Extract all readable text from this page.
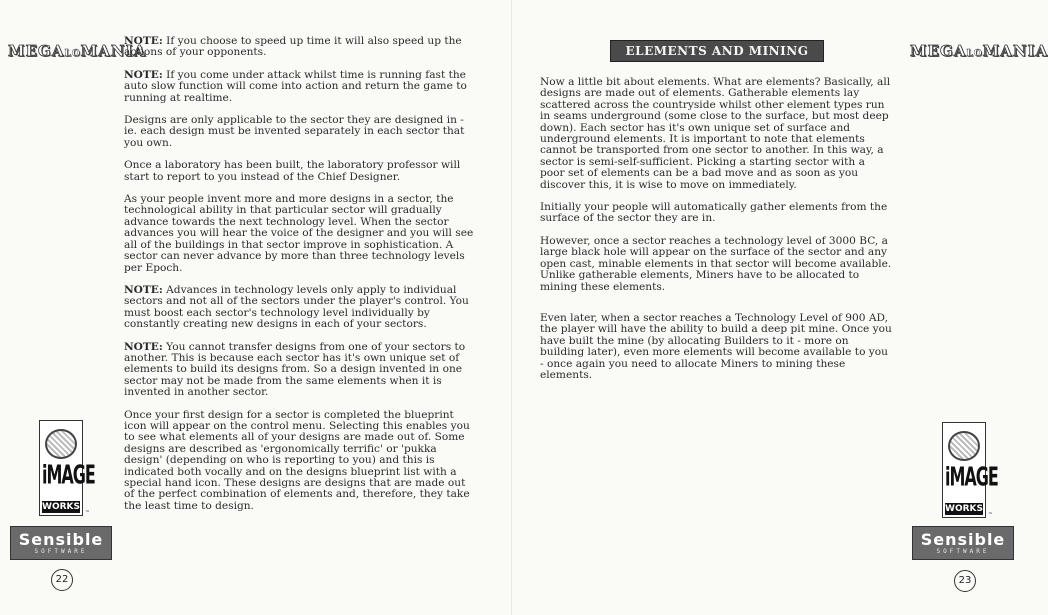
MEGALOMANIA

NOTE: If you choose to speed up time it will also speed up the actions of your opponents.

NOTE: If you come under attack whilst time is running fast the auto slow function will come into action and return the game to running at realtime.

Designs are only applicable to the sector they are designed in - ie. each design must be invented separately in each sector that you own.

Once a laboratory has been built, the laboratory professor will start to report to you instead of the Chief Designer.

As your people invent more and more designs in a sector, the technological ability in that particular sector will gradually advance towards the next technology level. When the sector advances you will hear the voice of the designer and you will see all of the buildings in that sector improve in sophistication. A sector can never advance by more than three technology levels per Epoch.

NOTE: Advances in technology levels only apply to individual sectors and not all of the sectors under the player's control. You must boost each sector's technology level individually by constantly creating new designs in each of your sectors.

NOTE: You cannot transfer designs from one of your sectors to another. This is because each sector has it's own unique set of elements to build its designs from. So a design invented in one sector may not be made from the same elements when it is invented in another sector.

Once your first design for a sector is completed the blueprint icon will appear on the control menu. Selecting this enables you to see what elements all of your designs are made out of. Some designs are described as 'ergonomically terrific' or 'pukka design' (depending on who is reporting to you) and this is indicated both vocally and on the designs blueprint list with a special hand icon. These designs are designs that are made out of the perfect combination of elements and, therefore, they take the least time to design.

iMAGE
WORKS
™
Sensible
SOFTWARE
22
ELEMENTS AND MINING	MEGALOMANIA

Now a little bit about elements. What are elements? Basically, all designs are made out of elements. Gatherable elements lay scattered across the countryside whilst other element types run in seams underground (some close to the surface, but most deep down). Each sector has it's own unique set of surface and underground elements. It is important to note that elements cannot be transported from one sector to another. In this way, a sector is semi-self-sufficient. Picking a starting sector with a poor set of elements can be a bad move and as soon as you discover this, it is wise to move on immediately.

Initially your people will automatically gather elements from the surface of the sector they are in.

However, once a sector reaches a technology level of 3000 BC, a large black hole will appear on the surface of the sector and any open cast, minable elements in that sector will become available. Unlike gatherable elements, Miners have to be allocated to mining these elements.

Even later, when a sector reaches a Technology Level of 900 AD, the player will have the ability to build a deep pit mine. Once you have built the mine (by allocating Builders to it - more on building later), even more elements will become available to you - once again you need to allocate Miners to mining these elements.

iMAGE
WORKS
™
Sensible
SOFTWARE
23
